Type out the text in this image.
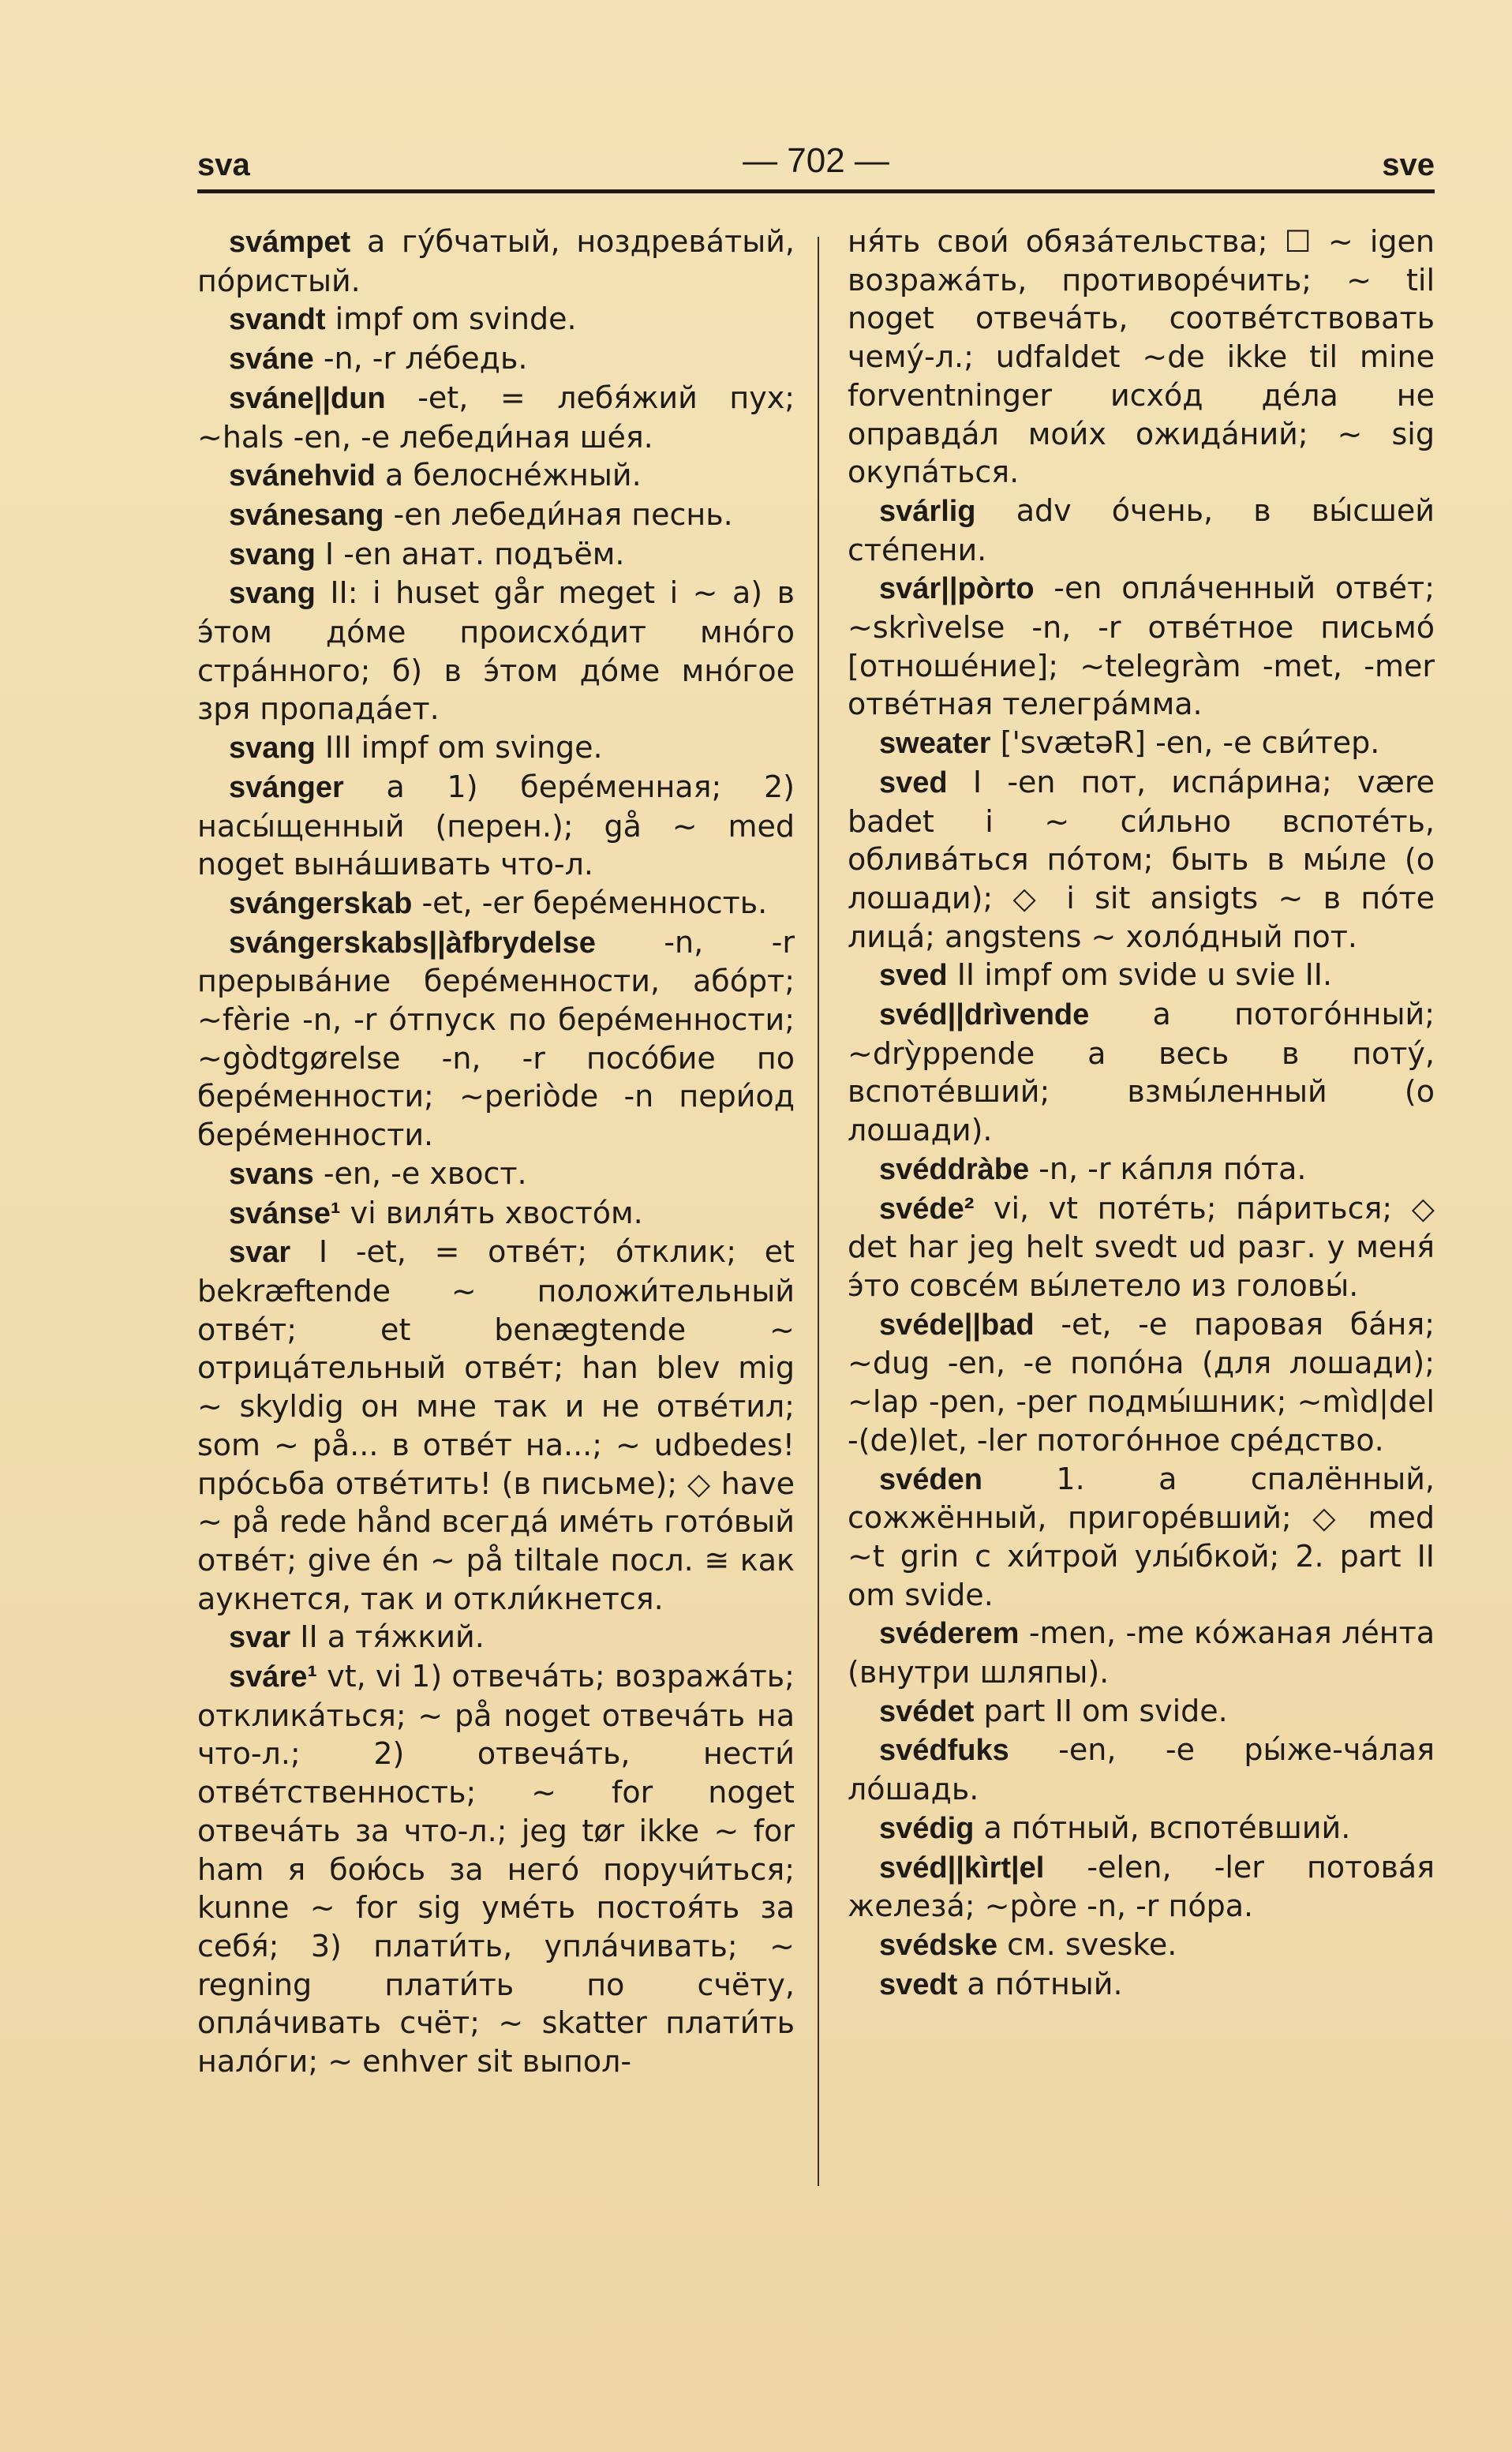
sva	— 702 —	sve

svámpet a гу́бчатый, ноздрева́тый, по́ристый.

svandt impf om svinde.

sváne -n, -r ле́бедь.

svánе||dun -et, = лебя́жий пух; ~hals -en, -e лебеди́ная ше́я.

svánehvid a белосне́жный.

svánesang -en лебеди́ная песнь.

svang I -en анат. подъём.

svang II: i huset går meget i ~ a) в э́том до́ме происхо́дит мно́го стра́нного; б) в э́том до́ме мно́гое зря пропада́ет.

svang III impf om svinge.

svánger a 1) бере́менная; 2) насы́щенный (перен.); gå ~ med noget вына́шивать что-л.

svángerskab -et, -er бере́менность.

svángerskabs||àfbrydelse -n, -r прерыва́ние бере́менности, або́рт; ~fèrie -n, -r о́тпуск по бере́менности; ~gòdtgørelse -n, -r посо́бие по бере́менности; ~periòde -n пери́од бере́менности.

svans -en, -e хвост.

svánse¹ vi виля́ть хвосто́м.

svar I -et, = отве́т; о́тклик; et bekræftende ~ положи́тельный отве́т; et benægtende ~ отрица́тельный отве́т; han blev mig ~ skyldig он мне так и не отве́тил; som ~ på... в отве́т на...; ~ udbedes! про́сьба отве́тить! (в письме); ◇ have ~ på rede hånd всегда́ име́ть гото́вый отве́т; give én ~ på tiltale посл. ≅ как аукнется, так и откли́кнется.

svar II a тя́жкий.

sváre¹ vt, vi 1) отвеча́ть; возража́ть; отклика́ться; ~ på noget отвеча́ть на что-л.; 2) отвеча́ть, нести́ отве́тственность; ~ for noget отвеча́ть за что-л.; jeg tør ikke ~ for ham я бою́сь за него́ поручи́ться; kunne ~ for sig уме́ть постоя́ть за себя́; 3) плати́ть, упла́чивать; ~ regning плати́ть по счёту, опла́чивать счёт; ~ skatter плати́ть нало́ги; ~ enhver sit выпол-

ня́ть свои́ обяза́тельства; ☐ ~ igen возража́ть, противоре́чить; ~ til noget отвеча́ть, соотве́тствовать чему́-л.; udfaldet ~de ikke til mine forventninger исхо́д де́ла не оправда́л мои́х ожида́ний; ~ sig окупа́ться.

svárlig adv о́чень, в вы́сшей сте́пени.

svár||pòrto -en опла́ченный отве́т; ~skrìvelse -n, -r отве́тное письмо́ [отноше́ние]; ~telegràm -met, -mer отве́тная телегра́мма.

sweater ['svætəR] -en, -e сви́тер.

sved I -en пот, испа́рина; være badet i ~ си́льно вспоте́ть, облива́ться по́том; быть в мы́ле (о лошади); ◇ i sit ansigts ~ в по́те лица́; angstens ~ холо́дный пот.

sved II impf om svide u svie II.

svéd||drìvende a потого́нный; ~drỳppende a весь в поту́, вспоте́вший; взмы́ленный (о лошади).

svéddràbe -n, -r ка́пля по́та.

svéde² vi, vt поте́ть; па́риться; ◇ det har jeg helt svedt ud разг. у меня́ э́то совсе́м вы́летело из головы́.

svéde||bad -et, -e паровая ба́ня; ~dug -en, -e попо́на (для лошади); ~lap -pen, -per подмы́шник; ~mìd|del -(de)let, -ler потого́нное сре́дство.

svéden 1. a спалённый, сожжённый, пригоре́вший; ◇ med ~t grin с хи́трой улы́бкой; 2. part II om svide.

svéderem -men, -me ко́жаная ле́нта (внутри шляпы).

svédet part II om svide.

svédfuks -en, -e ры́же-ча́лая ло́шадь.

svédig a по́тный, вспоте́вший.

svéd||kìrt|el -elen, -ler потова́я железа́; ~pòre -n, -r по́ра.

svédske см. sveske.

svedt a по́тный.
